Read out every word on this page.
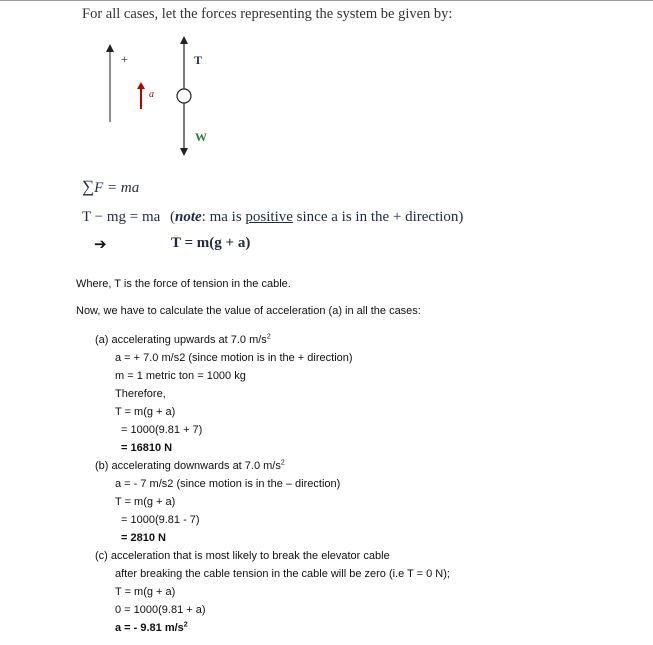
For all cases, let the forces representing the system be given by:
+
a
T
W
∑F = ma
T − mg = ma (note: ma is positive since a is in the + direction)
➔	T = m(g + a)
Where, T is the force of tension in the cable.
Now, we have to calculate the value of acceleration (a) in all the cases:
(a) accelerating upwards at 7.0 $m/s^2$
a = + 7.0 m/s2 (since motion is in the + direction)
m = 1 metric ton = 1000 kg
Therefore,
T = m(g + a)
= 1000(9.81 + 7)
= 16810 N
(b) accelerating downwards at 7.0 $m/s^2$
a = - 7 m/s2 (since motion is in the – direction)
T = m(g + a)
= 1000(9.81 - 7)
= 2810 N
(c) acceleration that is most likely to break the elevator cable
after breaking the cable tension in the cable will be zero (i.e T = 0 N);
T = m(g + a)
0 = 1000(9.81 + a)
a = - 9.81 $m/s^2$
